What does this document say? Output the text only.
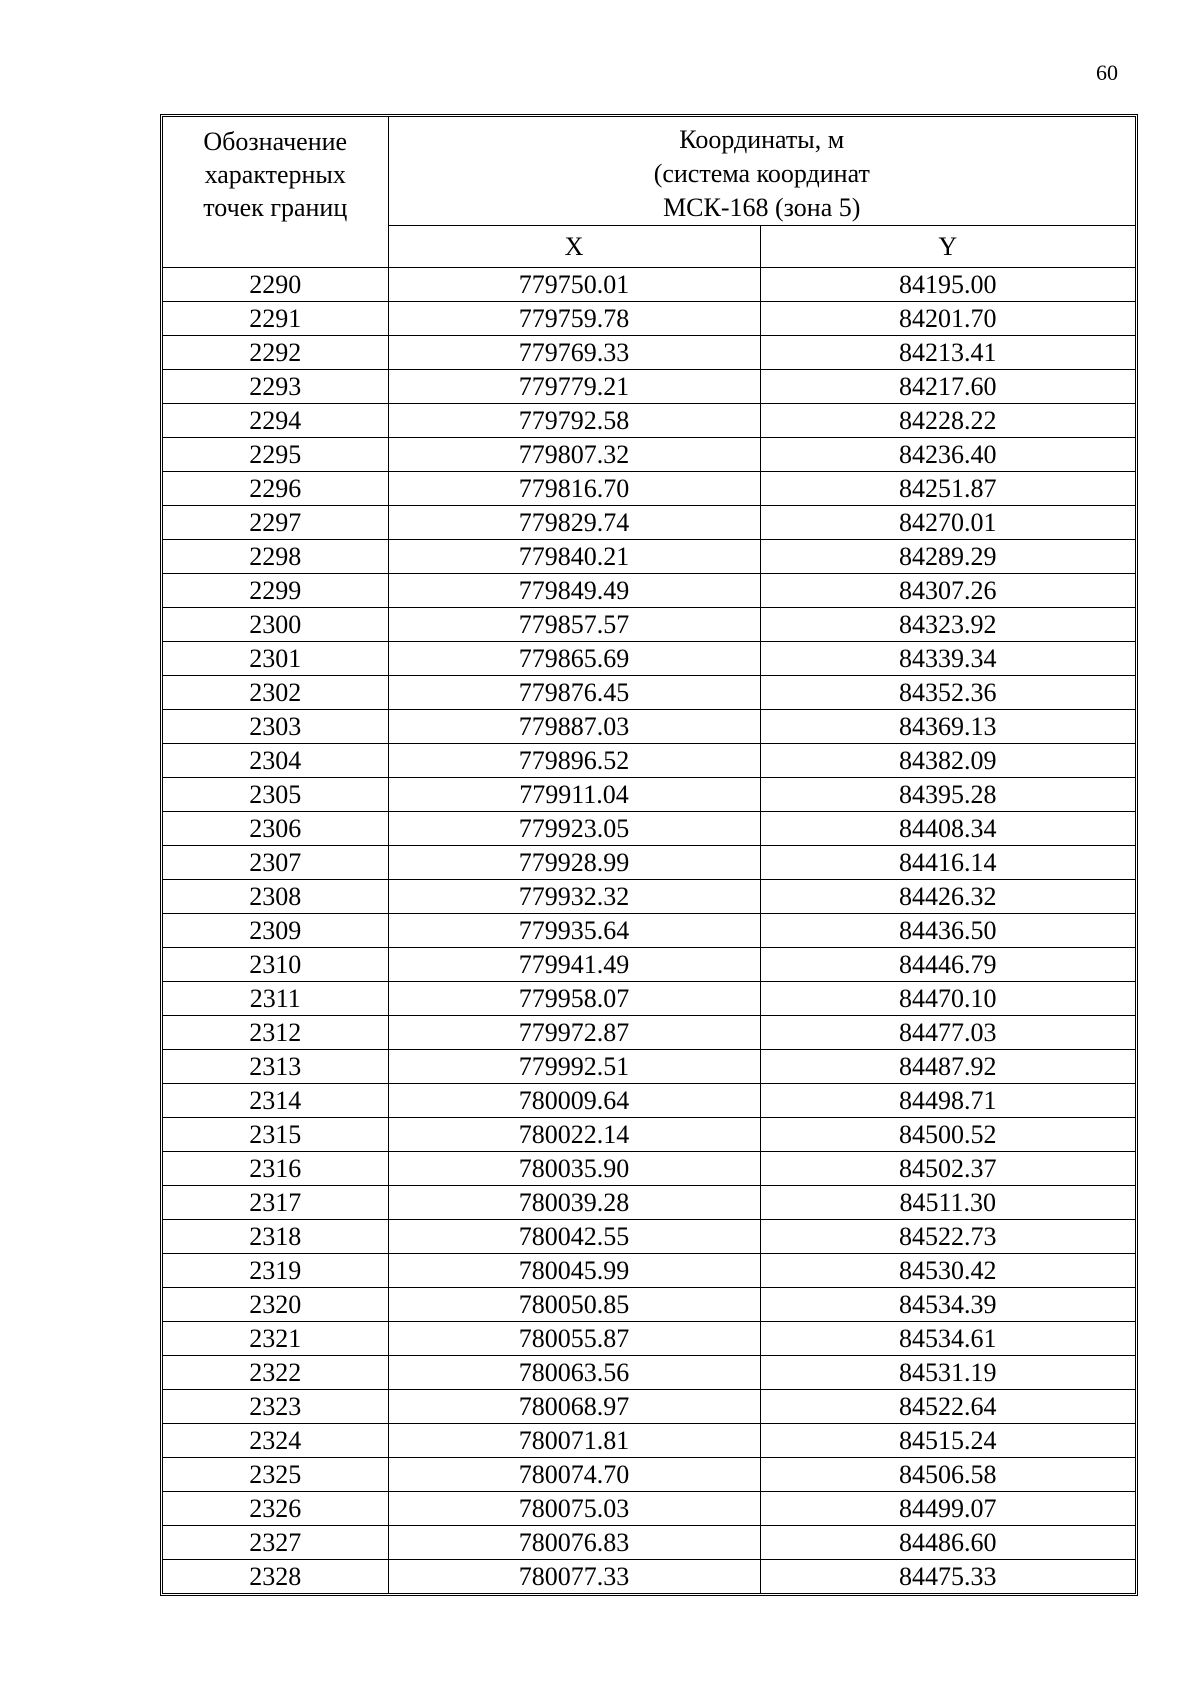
60
Обозначение
характерных
точек границ	Координаты, м
(система координат
МСК-168 (зона 5)	

	X	Y
2290	779750.01	84195.00
2291	779759.78	84201.70
2292	779769.33	84213.41
2293	779779.21	84217.60
2294	779792.58	84228.22
2295	779807.32	84236.40
2296	779816.70	84251.87
2297	779829.74	84270.01
2298	779840.21	84289.29
2299	779849.49	84307.26
2300	779857.57	84323.92
2301	779865.69	84339.34
2302	779876.45	84352.36
2303	779887.03	84369.13
2304	779896.52	84382.09
2305	779911.04	84395.28
2306	779923.05	84408.34
2307	779928.99	84416.14
2308	779932.32	84426.32
2309	779935.64	84436.50
2310	779941.49	84446.79
2311	779958.07	84470.10
2312	779972.87	84477.03
2313	779992.51	84487.92
2314	780009.64	84498.71
2315	780022.14	84500.52
2316	780035.90	84502.37
2317	780039.28	84511.30
2318	780042.55	84522.73
2319	780045.99	84530.42
2320	780050.85	84534.39
2321	780055.87	84534.61
2322	780063.56	84531.19
2323	780068.97	84522.64
2324	780071.81	84515.24
2325	780074.70	84506.58
2326	780075.03	84499.07
2327	780076.83	84486.60
2328	780077.33	84475.33
